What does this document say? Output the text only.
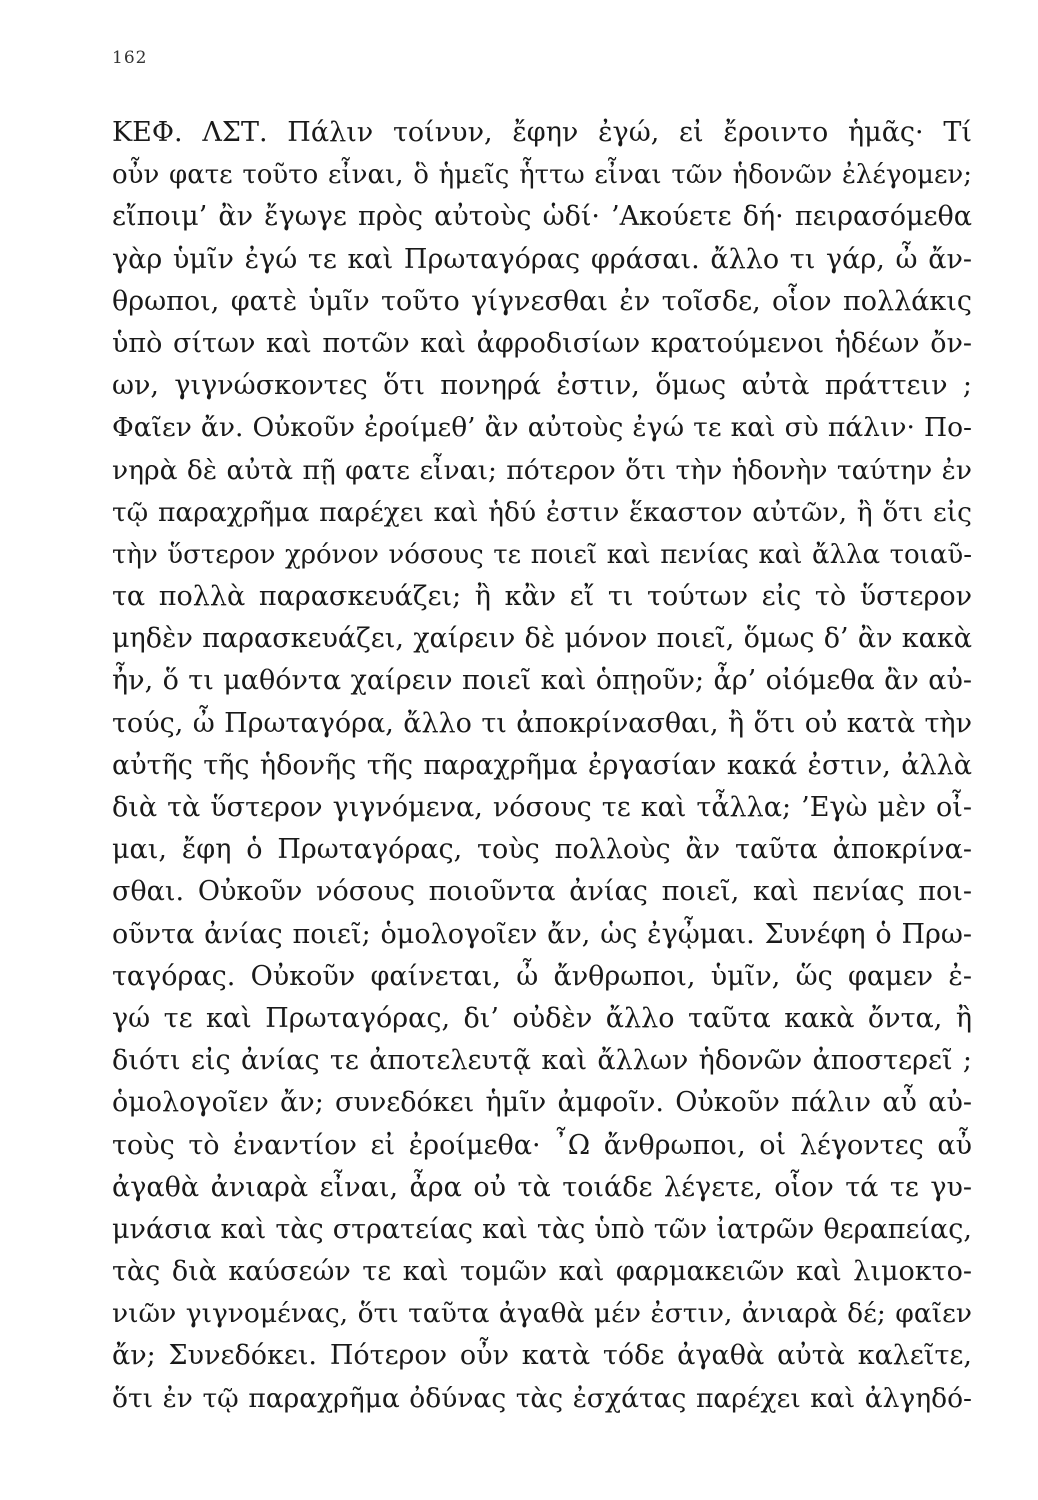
162
ΚΕΦ. ΛΣΤ. Πάλιν τοίνυν, ἔφην ἐγώ, εἰ ἔροιντο ἡμᾶς· Τί
οὖν φατε τοῦτο εἶναι, ὃ ἡμεῖς ἧττω εἶναι τῶν ἡδονῶν ἐλέγομεν;
εἴποιμ’ ἂν ἔγωγε πρὸς αὐτοὺς ὡδί· ’Ακούετε δή· πειρασόμεθα
γὰρ ὑμῖν ἐγώ τε καὶ Πρωταγόρας φράσαι. ἄλλο τι γάρ, ὦ ἄν-
θρωποι, φατὲ ὑμῖν τοῦτο γίγνεσθαι ἐν τοῖσδε, οἷον πολλάκις
ὑπὸ σίτων καὶ ποτῶν καὶ ἀφροδισίων κρατούμενοι ἡδέων ὄν-
ων, γιγνώσκοντες ὅτι πονηρά ἐστιν, ὅμως αὐτὰ πράττειν ;
Φαῖεν ἄν. Οὐκοῦν ἐροίμεθ’ ἂν αὐτοὺς ἐγώ τε καὶ σὺ πάλιν· Πο-
νηρὰ δὲ αὐτὰ πῇ φατε εἶναι; πότερον ὅτι τὴν ἡδονὴν ταύτην ἐν
τῷ παραχρῆμα παρέχει καὶ ἡδύ ἐστιν ἕκαστον αὐτῶν, ἢ ὅτι εἰς
τὴν ὕστερον χρόνον νόσους τε ποιεῖ καὶ πενίας καὶ ἄλλα τοιαῦ-
τα πολλὰ παρασκευάζει; ἢ κἂν εἴ τι τούτων εἰς τὸ ὕστερον
μηδὲν παρασκευάζει, χαίρειν δὲ μόνον ποιεῖ, ὅμως δ’ ἂν κακὰ
ἦν, ὅ τι μαθόντα χαίρειν ποιεῖ καὶ ὁπῃοῦν; ἆρ’ οἰόμεθα ἂν αὐ-
τούς, ὦ Πρωταγόρα, ἄλλο τι ἀποκρίνασθαι, ἢ ὅτι οὐ κατὰ τὴν
αὐτῆς τῆς ἡδονῆς τῆς παραχρῆμα ἐργασίαν κακά ἐστιν, ἀλλὰ
διὰ τὰ ὕστερον γιγνόμενα, νόσους τε καὶ τἆλλα; ’Εγὼ μὲν οἶ-
μαι, ἔφη ὁ Πρωταγόρας, τοὺς πολλοὺς ἂν ταῦτα ἀποκρίνα-
σθαι. Οὐκοῦν νόσους ποιοῦντα ἀνίας ποιεῖ, καὶ πενίας ποι-
οῦντα ἀνίας ποιεῖ; ὁμολογοῖεν ἄν, ὡς ἐγᾦμαι. Συνέφη ὁ Πρω-
ταγόρας. Οὐκοῦν φαίνεται, ὦ ἄνθρωποι, ὑμῖν, ὥς φαμεν ἐ-
γώ τε καὶ Πρωταγόρας, δι’ οὐδὲν ἄλλο ταῦτα κακὰ ὄντα, ἢ
διότι εἰς ἀνίας τε ἀποτελευτᾷ καὶ ἄλλων ἡδονῶν ἀποστερεῖ ;
ὁμολογοῖεν ἄν; συνεδόκει ἡμῖν ἀμφοῖν. Οὐκοῦν πάλιν αὖ αὐ-
τοὺς τὸ ἐναντίον εἰ ἐροίμεθα· ῏Ω ἄνθρωποι, οἱ λέγοντες αὖ
ἀγαθὰ ἀνιαρὰ εἶναι, ἆρα οὐ τὰ τοιάδε λέγετε, οἷον τά τε γυ-
μνάσια καὶ τὰς στρατείας καὶ τὰς ὑπὸ τῶν ἰατρῶν θεραπείας,
τὰς διὰ καύσεών τε καὶ τομῶν καὶ φαρμακειῶν καὶ λιμοκτο-
νιῶν γιγνομένας, ὅτι ταῦτα ἀγαθὰ μέν ἐστιν, ἀνιαρὰ δέ; φαῖεν
ἄν; Συνεδόκει. Πότερον οὖν κατὰ τόδε ἀγαθὰ αὐτὰ καλεῖτε,
ὅτι ἐν τῷ παραχρῆμα ὀδύνας τὰς ἐσχάτας παρέχει καὶ ἀλγηδό-
